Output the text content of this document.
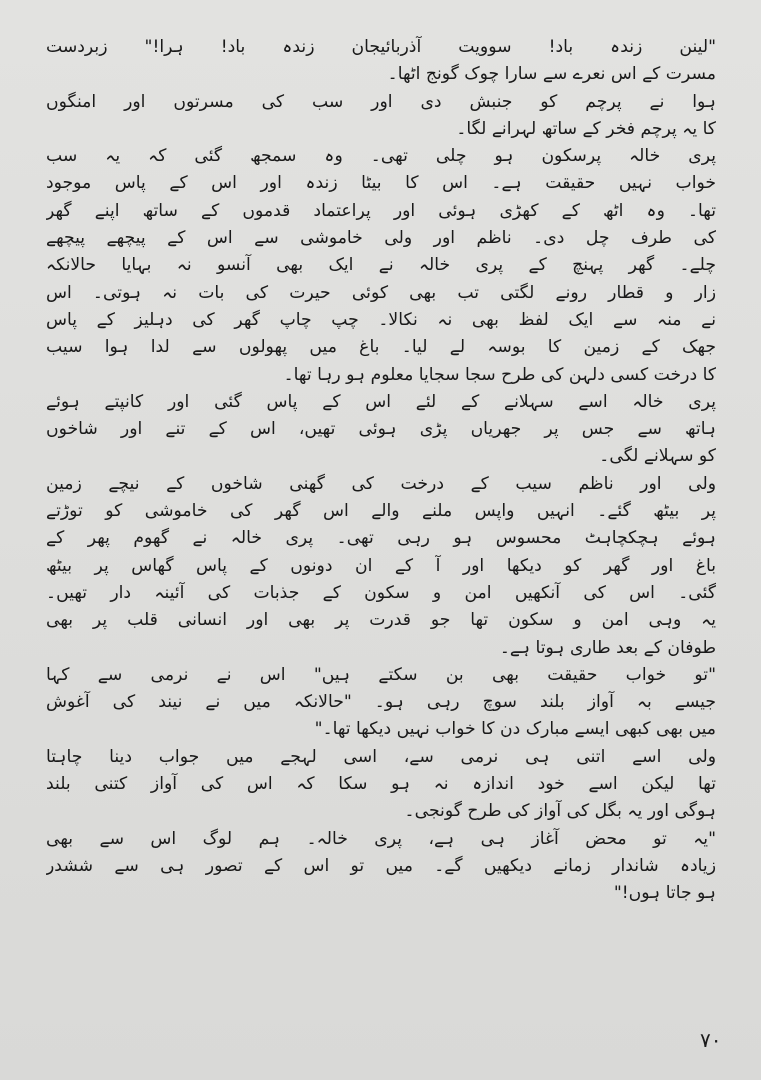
"لینن زندہ باد! سوویت آذربائیجان زندہ باد! ہرا!" زبردست
مسرت کے اس نعرے سے سارا چوک گونج اٹھا۔
ہوا نے پرچم کو جنبش دی اور سب کی مسرتوں اور امنگوں
کا یہ پرچم فخر کے ساتھ لہرانے لگا۔
پری خالہ پرسکون ہو چلی تھی۔ وہ سمجھ گئی کہ یہ سب
خواب نہیں حقیقت ہے۔ اس کا بیٹا زندہ اور اس کے پاس موجود
تھا۔ وہ اٹھ کے کھڑی ہوئی اور پراعتماد قدموں کے ساتھ اپنے گھر
کی طرف چل دی۔ ناظم اور ولی خاموشی سے اس کے پیچھے پیچھے
چلے۔ گھر پہنچ کے پری خالہ نے ایک بھی آنسو نہ بہایا حالانکہ
زار و قطار رونے لگتی تب بھی کوئی حیرت کی بات نہ ہوتی۔ اس
نے منہ سے ایک لفظ بھی نہ نکالا۔ چپ چاپ گھر کی دہلیز کے پاس
جھک کے زمین کا بوسہ لے لیا۔ باغ میں پھولوں سے لدا ہوا سیب
کا درخت کسی دلہن کی طرح سجا سجایا معلوم ہو رہا تھا۔
پری خالہ اسے سہلانے کے لئے اس کے پاس گئی اور کانپتے ہوئے
ہاتھ سے جس پر جھریاں پڑی ہوئی تھیں، اس کے تنے اور شاخوں
کو سہلانے لگی۔
ولی اور ناظم سیب کے درخت کی گھنی شاخوں کے نیچے زمین
پر بیٹھ گئے۔ انہیں واپس ملنے والے اس گھر کی خاموشی کو توڑتے
ہوئے ہچکچاہٹ محسوس ہو رہی تھی۔ پری خالہ نے گھوم پھر کے
باغ اور گھر کو دیکھا اور آ کے ان دونوں کے پاس گھاس پر بیٹھ
گئی۔ اس کی آنکھیں امن و سکون کے جذبات کی آئینہ دار تھیں۔
یہ وہی امن و سکون تھا جو قدرت پر بھی اور انسانی قلب پر بھی
طوفان کے بعد طاری ہوتا ہے۔
"تو خواب حقیقت بھی بن سکتے ہیں" اس نے نرمی سے کہا
جیسے بہ آواز بلند سوچ رہی ہو۔ "حالانکہ میں نے نیند کی آغوش
میں بھی کبھی ایسے مبارک دن کا خواب نہیں دیکھا تھا۔"
ولی اسے اتنی ہی نرمی سے، اسی لہجے میں جواب دینا چاہتا
تھا لیکن اسے خود اندازہ نہ ہو سکا کہ اس کی آواز کتنی بلند
ہوگی اور یہ بگل کی آواز کی طرح گونجی۔
"یہ تو محض آغاز ہی ہے، پری خالہ۔ ہم لوگ اس سے بھی
زیادہ شاندار زمانے دیکھیں گے۔ میں تو اس کے تصور ہی سے ششدر
ہو جاتا ہوں!"
۷۰
